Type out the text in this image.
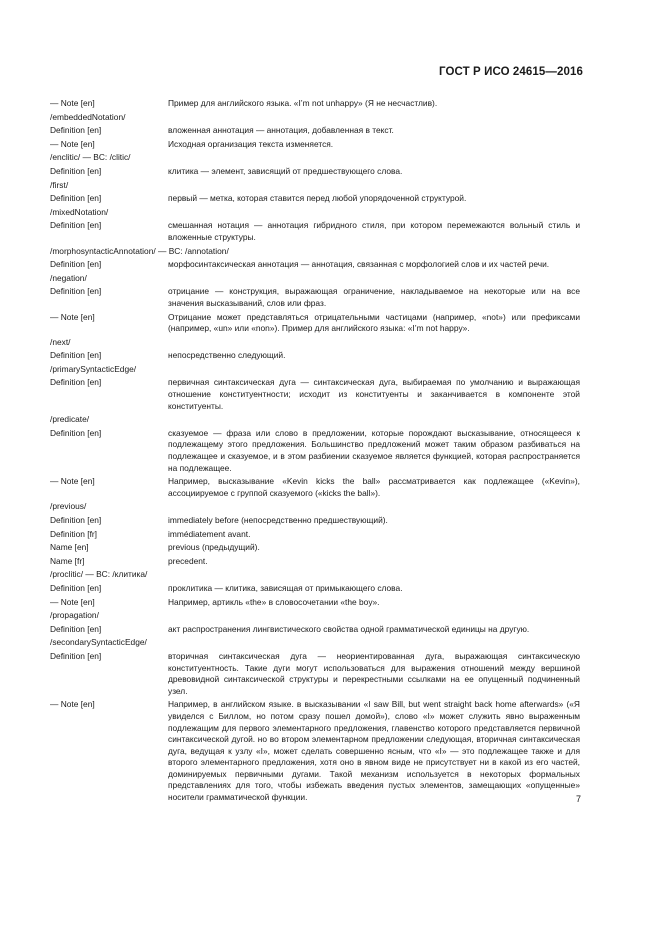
ГОСТ Р ИСО 24615—2016
— Note [en]	Пример для английского языка. «I’m not unhappy» (Я не несчастлив).
/embeddedNotation/
Definition [en]	вложенная аннотация — аннотация, добавленная в текст.
— Note [en]	Исходная организация текста изменяется.
/enclitic/ — BC: /clitic/
Definition [en]	клитика — элемент, зависящий от предшествующего слова.
/first/
Definition [en]	первый — метка, которая ставится перед любой упорядоченной структурой.
/mixedNotation/
Definition [en]	смешанная нотация — аннотация гибридного стиля, при котором перемежаются вольный стиль и вложенные структуры.
/morphosyntacticAnnotation/ — BC: /annotation/
Definition [en]	морфосинтаксическая аннотация — аннотация, связанная с морфологией слов и их частей речи.
/negation/
Definition [en]	отрицание — конструкция, выражающая ограничение, накладываемое на некоторые или на все значения высказываний, слов или фраз.
— Note [en]	Отрицание может представляться отрицательными частицами (например, «not») или префиксами (например, «un» или «non»). Пример для английского языка: «I’m not happy».
/next/
Definition [en]	непосредственно следующий.
/primarySyntacticEdge/
Definition [en]	первичная синтаксическая дуга — синтаксическая дуга, выбираемая по умолчанию и выражающая отношение конституентности; исходит из конституенты и заканчивается в компоненте этой конституенты.
/predicate/
Definition [en]	сказуемое — фраза или слово в предложении, которые порождают высказывание, относящееся к подлежащему этого предложения. Большинство предложений может таким образом разбиваться на подлежащее и сказуемое, и в этом разбиении сказуемое является функцией, которая распространяется на подлежащее.
— Note [en]	Например, высказывание «Kevin kicks the ball» рассматривается как подлежащее («Kevin»), ассоциируемое с группой сказуемого («kicks the ball»).
/previous/
Definition [en]	immediately before (непосредственно предшествующий).
Definition [fr]	immédiatement avant.
Name [en]	previous (предыдущий).
Name [fr]	precedent.
/proclitic/ — BC: /клитика/
Definition [en]	проклитика — клитика, зависящая от примыкающего слова.
— Note [en]	Например, артикль «the» в словосочетании «the boy».
/propagation/
Definition [en]	акт распространения лингвистического свойства одной грамматической единицы на другую.
/secondarySyntacticEdge/
Definition [en]	вторичная синтаксическая дуга — неориентированная дуга, выражающая синтаксическую конституентность. Такие дуги могут использоваться для выражения отношений между вершиной древовидной синтаксической структуры и перекрестными ссылками на ее опущенный подчиненный узел.
— Note [en]	Например, в английском языке. в высказывании «I saw Bill, but went straight back home afterwards» («Я увиделся с Биллом, но потом сразу пошел домой»), слово «I» может служить явно выраженным подлежащим для первого элементарного предложения, главенство которого представляется первичной синтаксической дугой. но во втором элементарном предложении следующая, вторичная синтаксическая дуга, ведущая к узлу «I», может сделать совершенно ясным, что «I» — это подлежащее также и для второго элементарного предложения, хотя оно в явном виде не присутствует ни в какой из его частей, доминируемых первичными дугами. Такой механизм используется в некоторых формальных представлениях для того, чтобы избежать введения пустых элементов, замещающих «опущенные» носители грамматической функции.	7
